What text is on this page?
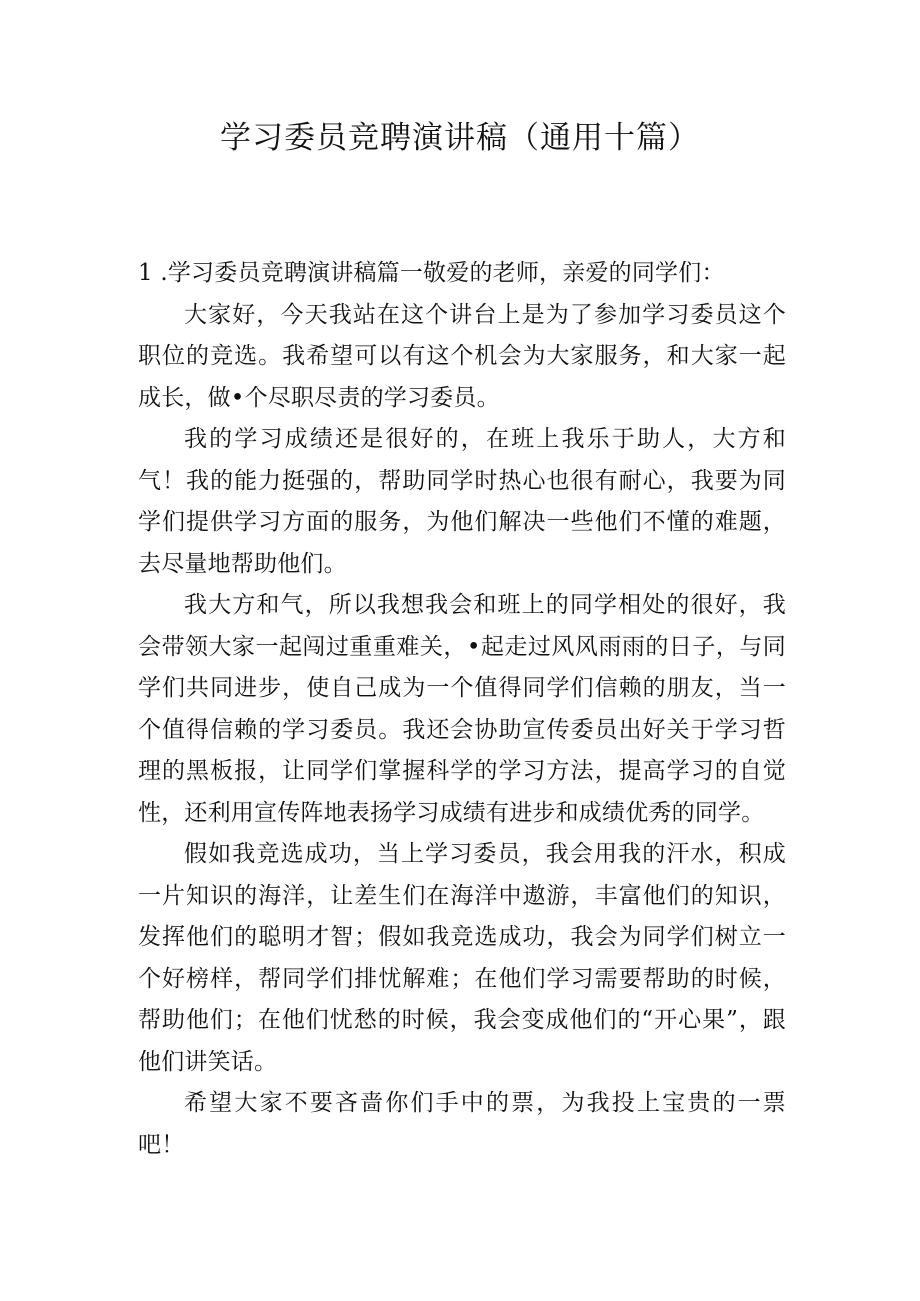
学习委员竞聘演讲稿（通用十篇）

1 .学习委员竞聘演讲稿篇一敬爱的老师，亲爱的同学们：

大家好，今天我站在这个讲台上是为了参加学习委员这个职位的竞选。我希望可以有这个机会为大家服务，和大家一起成长，做•个尽职尽责的学习委员。

我的学习成绩还是很好的，在班上我乐于助人，大方和气！我的能力挺强的，帮助同学时热心也很有耐心，我要为同学们提供学习方面的服务，为他们解决一些他们不懂的难题，去尽量地帮助他们。

我大方和气，所以我想我会和班上的同学相处的很好，我会带领大家一起闯过重重难关，•起走过风风雨雨的日子，与同学们共同进步，使自己成为一个值得同学们信赖的朋友，当一个值得信赖的学习委员。我还会协助宣传委员出好关于学习哲理的黑板报，让同学们掌握科学的学习方法，提高学习的自觉性，还利用宣传阵地表扬学习成绩有进步和成绩优秀的同学。

假如我竞选成功，当上学习委员，我会用我的汗水，积成一片知识的海洋，让差生们在海洋中遨游，丰富他们的知识，发挥他们的聪明才智；假如我竞选成功，我会为同学们树立一个好榜样，帮同学们排忧解难；在他们学习需要帮助的时候，帮助他们；在他们忧愁的时候，我会变成他们的“开心果”，跟他们讲笑话。

希望大家不要吝啬你们手中的票，为我投上宝贵的一票吧！
